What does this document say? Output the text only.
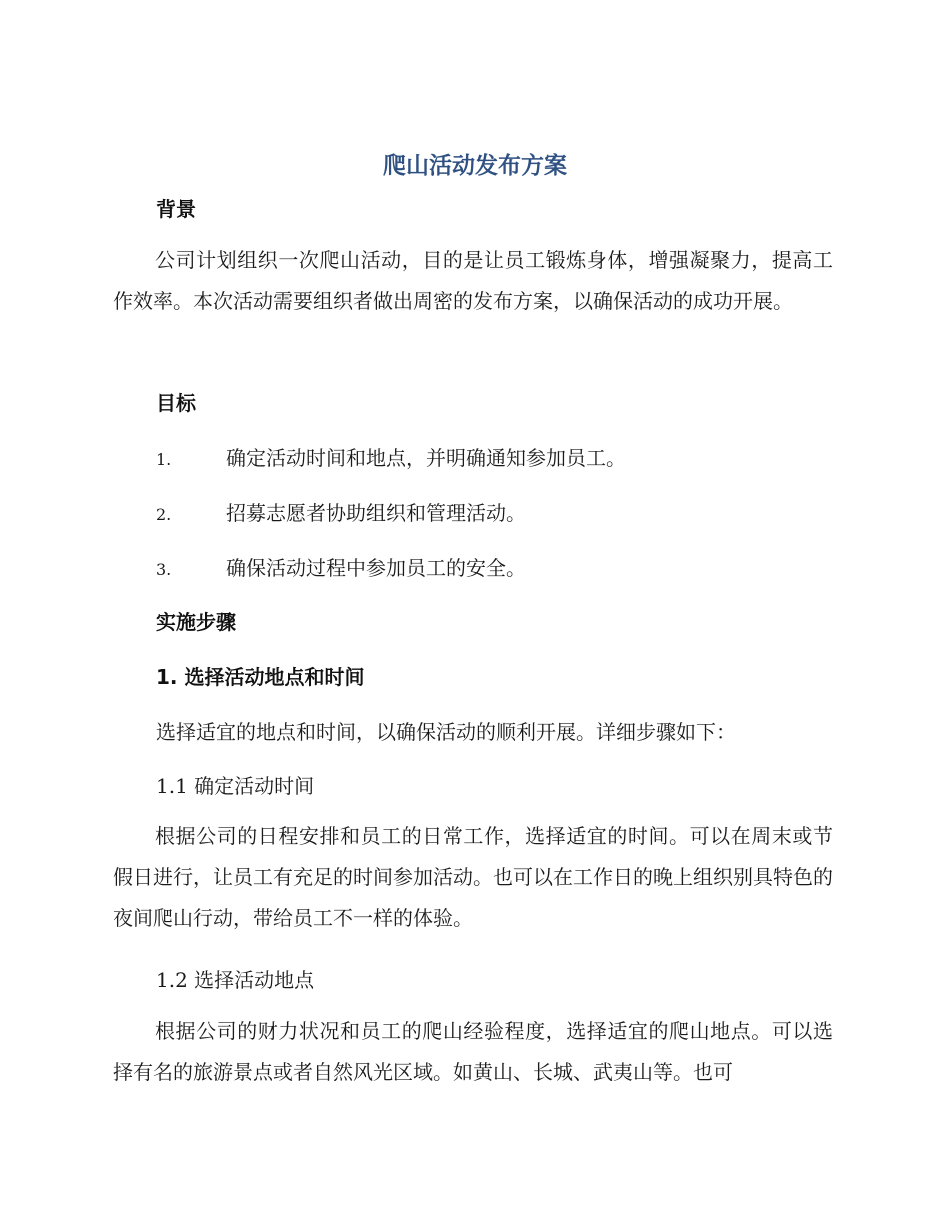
爬山活动发布方案
背景

公司计划组织一次爬山活动，目的是让员工锻炼身体，增强凝聚力，提高工作效率。本次活动需要组织者做出周密的发布方案，以确保活动的成功开展。

目标
1.	确定活动时间和地点，并明确通知参加员工。
2.	招募志愿者协助组织和管理活动。
3.	确保活动过程中参加员工的安全。
实施步骤
1. 选择活动地点和时间
选择适宜的地点和时间，以确保活动的顺利开展。详细步骤如下：
1.1 确定活动时间

根据公司的日程安排和员工的日常工作，选择适宜的时间。可以在周末或节假日进行，让员工有充足的时间参加活动。也可以在工作日的晚上组织别具特色的夜间爬山行动，带给员工不一样的体验。

1.2 选择活动地点

根据公司的财力状况和员工的爬山经验程度，选择适宜的爬山地点。可以选择有名的旅游景点或者自然风光区域。如黄山、长城、武夷山等。也可
